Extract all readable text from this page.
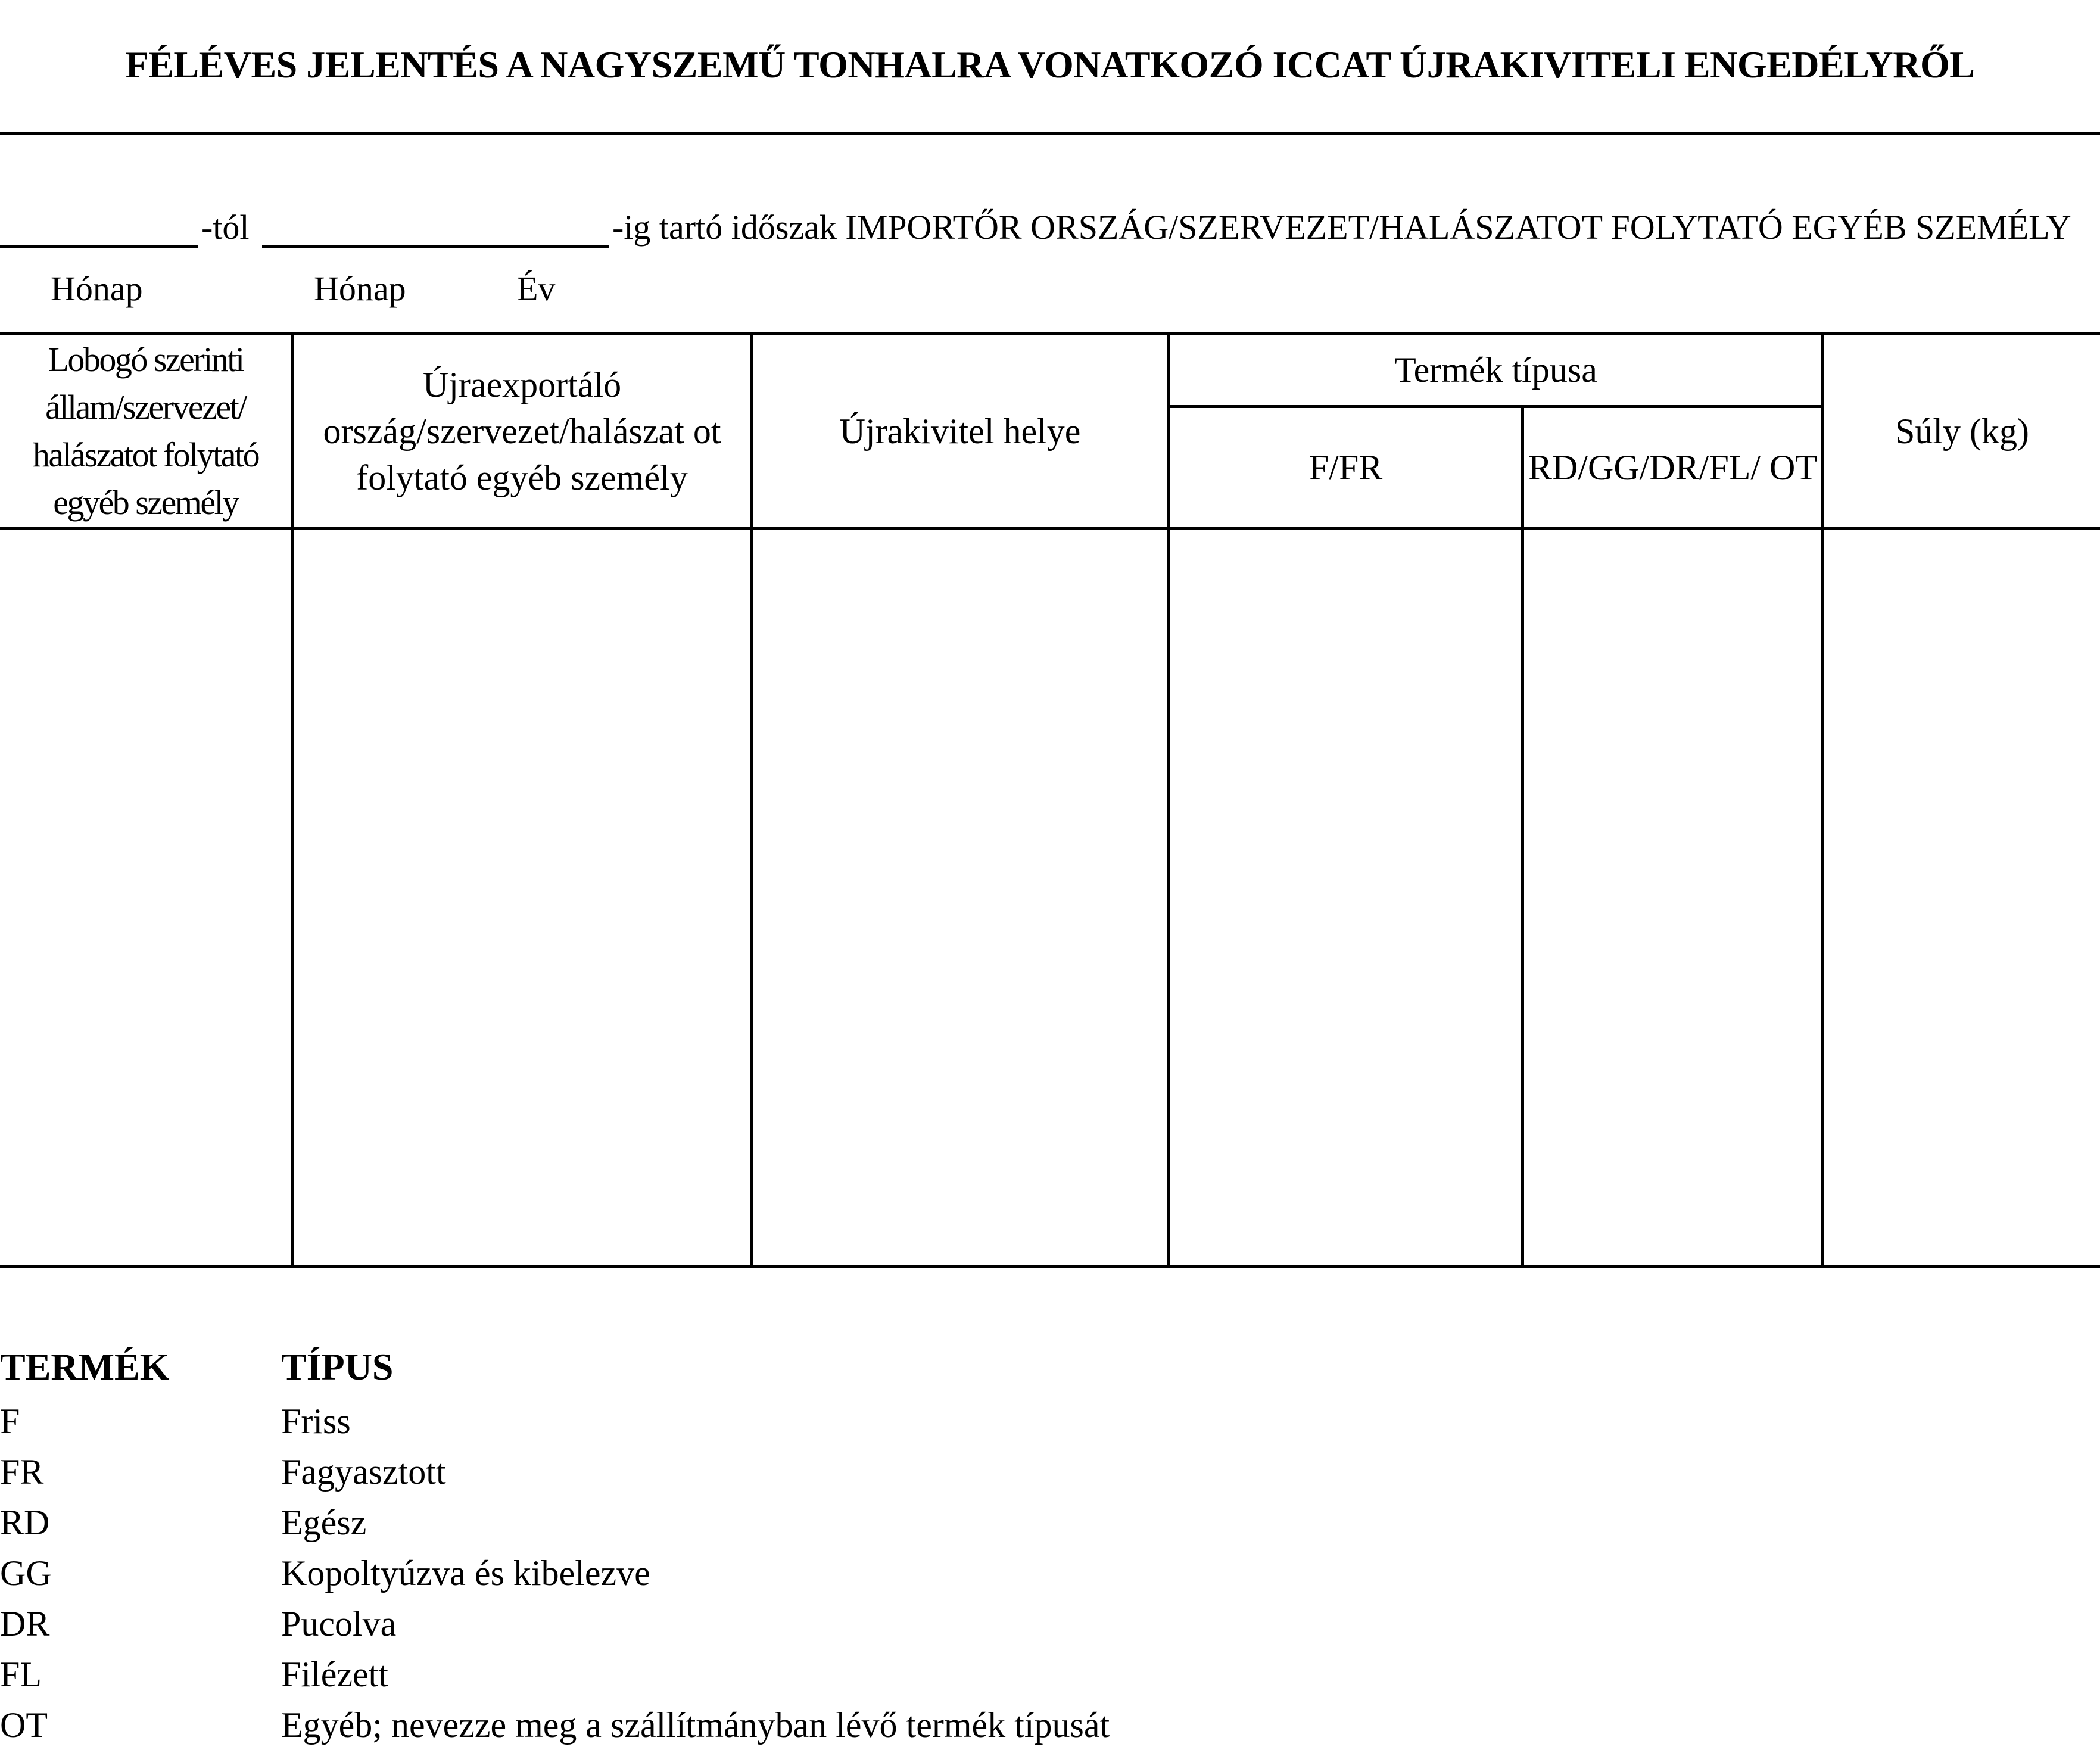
FÉLÉVES JELENTÉS A NAGYSZEMŰ TONHALRA VONATKOZÓ ICCAT ÚJRAKIVITELI ENGEDÉLYRŐL
-tól	-ig tartó időszak IMPORTŐR ORSZÁG/SZERVEZET/HALÁSZATOT FOLYTATÓ EGYÉB SZEMÉLY
Hónap	Hónap	Év
Lobogó szerinti állam/szervezet/ halászatot folytató egyéb személy
Újraexportáló ország/szervezet/halászat ot folytató egyéb személy
Újrakivitel helye
Termék típusa
F/FR	RD/GG/DR/FL/ OT
Súly (kg)
TERMÉK	TÍPUS
F	Friss
FR	Fagyasztott
RD	Egész
GG	Kopoltyúzva és kibelezve
DR	Pucolva
FL	Filézett
OT	Egyéb; nevezze meg a szállítmányban lévő termék típusát
